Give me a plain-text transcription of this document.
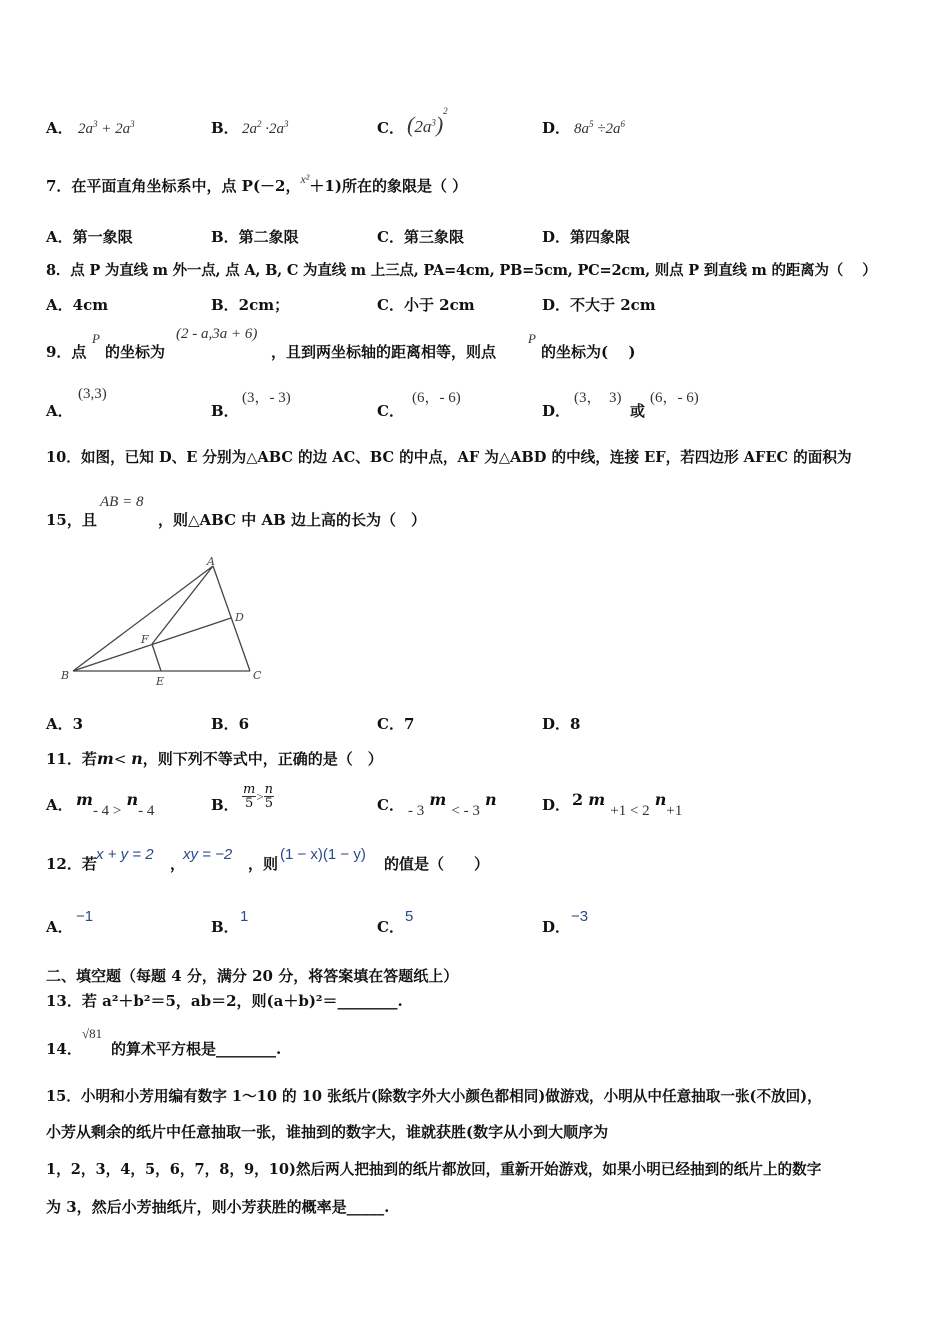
A． $2a^3 + 2a^3$	B． $2a^2 \cdot 2a^3$	C． $(2a^3)^2$
D． $8a^5 \div 2a^6$
7．在平面直角坐标系中，点 P(－2，$^{x^2}$＋1)所在的象限是（ ）
A．第一象限	B．第二象限	C．第三象限	D．第四象限
8．点 P 为直线 m 外一点, 点 A, B, C 为直线 m 上三点, PA=4cm, PB=5cm, PC=2cm, 则点 P 到直线 m 的距离为（　 ）
A．4cm	B．2cm；	C．小于 2cm	D．不大于 2cm
9．点
P
的坐标为
(2 - a,3a + 6)
，且到两坐标轴的距离相等，则点
P
的坐标为(　 )
A．
(3,3)
B．
(3，- 3)
C．
(6，- 6)
D．
(3，　3)
或
(6，- 6)
10．如图，已知 D、E 分别为△ABC 的边 AC、BC 的中点，AF 为△ABD 的中线，连接 EF，若四边形 AFEC 的面积为
15，且
AB = 8
，则△ABC 中 AB 边上高的长为（　）
A
B	C
D
E
F
A．3	B．6	C．7	D．8
11．若m< n，则下列不等式中，正确的是（　）
A． m- 4 > n- 4	B． $\frac{m}{5} > \frac{n}{5}$	C． - 3 m < - 3 n	D． 2 m +1 < 2 n+1
12．若
x + y = 2
，
xy = −2
，则
(1 − x)(1 − y)
的值是（　　）
A．
−1
B．
1
C．
5
D．
−3
二、填空题（每题 4 分，满分 20 分，将答案填在答题纸上）
13．若 a²＋b²＝5，ab＝2，则(a＋b)²＝________.
14．
√81
的算术平方根是________.
15．小明和小芳用编有数字 1～10 的 10 张纸片(除数字外大小颜色都相同)做游戏，小明从中任意抽取一张(不放回)，
小芳从剩余的纸片中任意抽取一张，谁抽到的数字大，谁就获胜(数字从小到大顺序为
1，2，3，4，5，6，7，8，9，10)然后两人把抽到的纸片都放回，重新开始游戏，如果小明已经抽到的纸片上的数字
为 3，然后小芳抽纸片，则小芳获胜的概率是_____.
